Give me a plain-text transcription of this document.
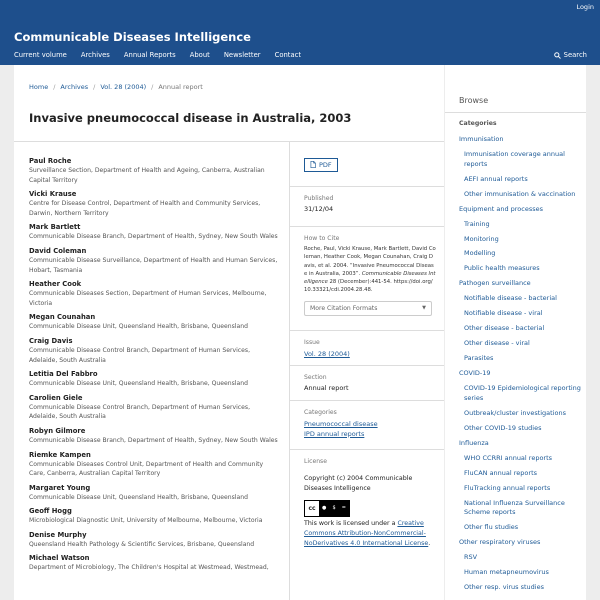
Login
Communicable Diseases Intelligence
Current volume Archives Annual Reports About Newsletter Contact	Search
Home / Archives / Vol. 28 (2004) / Annual report
Invasive pneumococcal disease in Australia, 2003
Paul Roche
Surveillance Section, Department of Health and Ageing, Canberra, Australian Capital Territory
Vicki Krause
Centre for Disease Control, Department of Health and Community Services, Darwin, Northern Territory
Mark Bartlett
Communicable Disease Branch, Department of Health, Sydney, New South Wales
David Coleman
Communicable Disease Surveillance, Department of Health and Human Services, Hobart, Tasmania
Heather Cook
Communicable Diseases Section, Department of Human Services, Melbourne, Victoria
Megan Counahan
Communicable Disease Unit, Queensland Health, Brisbane, Queensland
Craig Davis
Communicable Disease Control Branch, Department of Human Services, Adelaide, South Australia
Letitia Del Fabbro
Communicable Disease Unit, Queensland Health, Brisbane, Queensland
Carolien Giele
Communicable Disease Control Branch, Department of Human Services, Adelaide, South Australia
Robyn Gilmore
Communicable Disease Branch, Department of Health, Sydney, New South Wales
Riemke Kampen
Communicable Diseases Control Unit, Department of Health and Community Care, Canberra, Australian Capital Territory
Margaret Young
Communicable Disease Unit, Queensland Health, Brisbane, Queensland
Geoff Hogg
Microbiological Diagnostic Unit, University of Melbourne, Melbourne, Victoria
Denise Murphy
Queensland Health Pathology & Scientific Services, Brisbane, Queensland
Michael Watson
Department of Microbiology, The Children's Hospital at Westmead, Westmead,
PDF
Published
31/12/04
How to Cite
Roche, Paul, Vicki Krause, Mark Bartlett, David Coleman, Heather Cook, Megan Counahan, Craig Davis, et al. 2004. “Invasive Pneumococcal Disease in Australia, 2003”. Communicable Diseases Intelligence 28 (December):441-54. https://doi.org/10.33321/cdi.2004.28.48.
More Citation Formats	▼
Issue
Vol. 28 (2004)
Section
Annual report
Categories
Pneumococcal disease
IPD annual reports
License
Copyright (c) 2004 Communicable Diseases Intelligence
cc	● $ =
This work is licensed under a Creative Commons Attribution-NonCommercial-NoDerivatives 4.0 International License.
Browse
Categories
Immunisation
Immunisation coverage annual reports
AEFI annual reports
Other immunisation & vaccination
Equipment and processes
Training
Monitoring
Modelling
Public health measures
Pathogen surveillance
Notifiable disease - bacterial
Notifiable disease - viral
Other disease - bacterial
Other disease - viral
Parasites
COVID-19
COVID-19 Epidemiological reporting series
Outbreak/cluster investigations
Other COVID-19 studies
Influenza
WHO CCRRI annual reports
FluCAN annual reports
FluTracking annual reports
National Influenza Surveillance Scheme reports
Other flu studies
Other respiratory viruses
RSV
Human metapneumovirus
Other resp. virus studies
